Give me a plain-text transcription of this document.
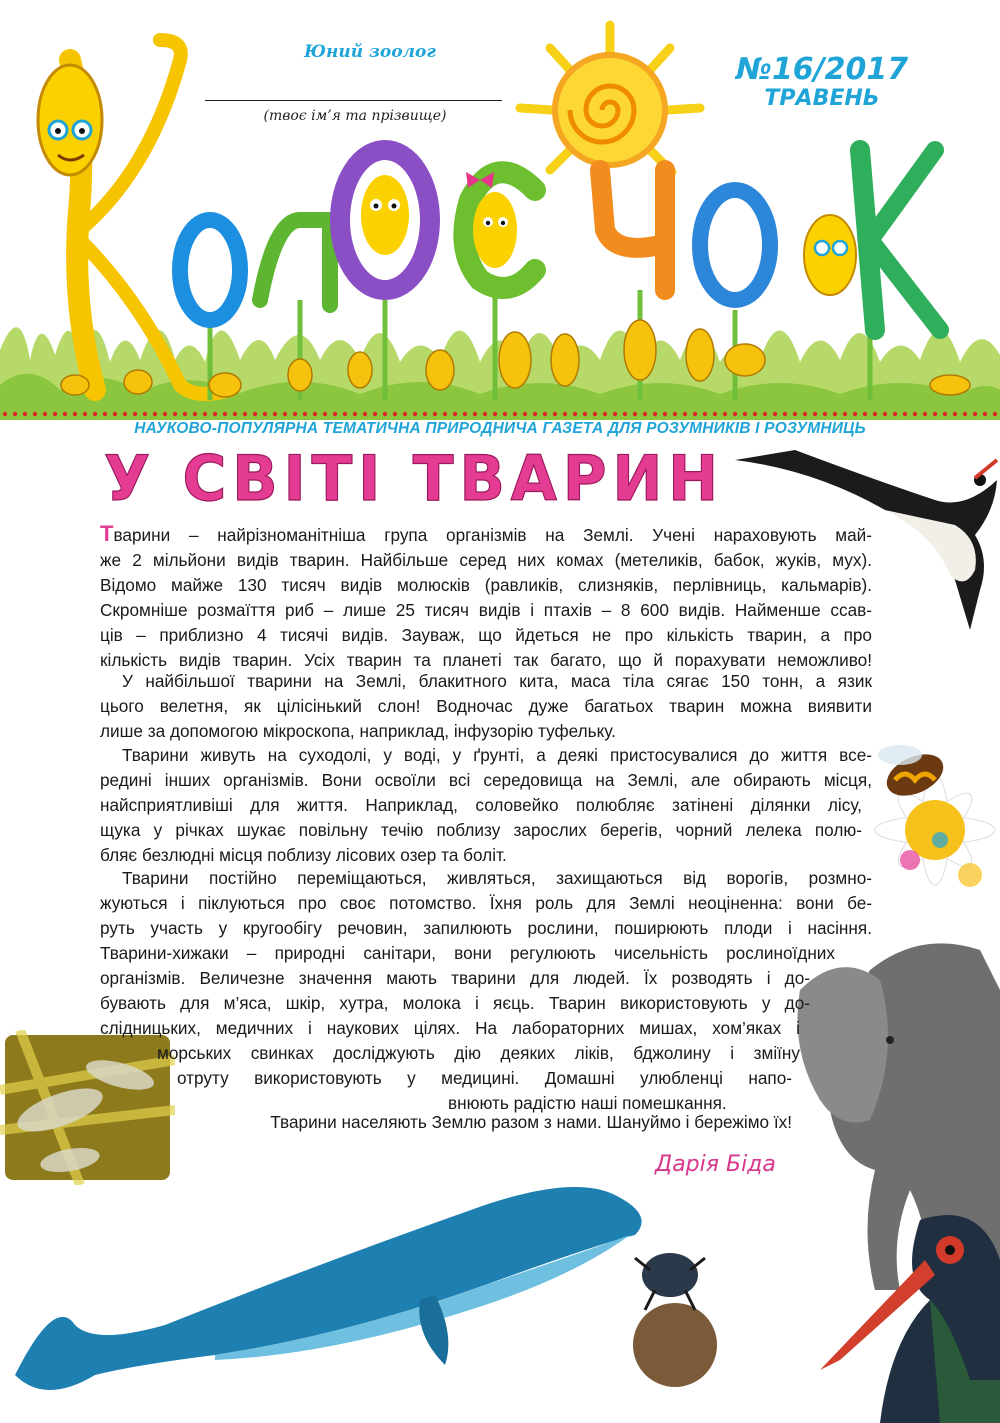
Юний зоолог
(твоє ім’я та прізвище)
№16/2017
ТРАВЕНЬ
НАУКОВО-ПОПУЛЯРНА ТЕМАТИЧНА ПРИРОДНИЧА ГАЗЕТА ДЛЯ РОЗУМНИКІВ І РОЗУМНИЦЬ
У СВІТІ ТВАРИН
Тварини – найрізноманітніша група організмів на Землі. Учені нараховують май-
же 2 мільйони видів тварин. Найбільше серед них комах (метеликів, бабок, жуків, мух).
Відомо майже 130 тисяч видів молюсків (равликів, слизняків, перлівниць, кальмарів).
Скромніше розмаїття риб – лише 25 тисяч видів і птахів – 8 600 видів. Найменше ссав-
ців – приблизно 4 тисячі видів. Зауваж, що йдеться не про кількість тварин, а про
кількість видів тварин. Усіх тварин та планеті так багато, що й порахувати неможливо!
У найбільшої тварини на Землі, блакитного кита, маса тіла сягає 150 тонн, а язик
цього велетня, як цілісінький слон! Водночас дуже багатьох тварин можна виявити
лише за допомогою мікроскопа, наприклад, інфузорію туфельку.
Тварини живуть на суходолі, у воді, у ґрунті, а деякі пристосувалися до життя все-
редині інших організмів. Вони освоїли всі середовища на Землі, але обирають місця,
найсприятливіші для життя. Наприклад, соловейко полюбляє затінені ділянки лісу,
щука у річках шукає повільну течію поблизу зарослих берегів, чорний лелека полю-
бляє безлюдні місця поблизу лісових озер та боліт.
Тварини постійно переміщаються, живляться, захищаються від ворогів, розмно-
жуються і піклуються про своє потомство. Їхня роль для Землі неоціненна: вони бе-
руть участь у кругообігу речовин, запилюють рослини, поширюють плоди і насіння.
Тварини-хижаки – природні санітари, вони регулюють чисельність рослиноїдних
організмів. Величезне значення мають тварини для людей. Їх розводять і до-
бувають для м’яса, шкір, хутра, молока і яєць. Тварин використовують у до-
слідницьких, медичних і наукових цілях. На лабораторних мишах, хом’яках і
морських свинках досліджують дію деяких ліків, бджолину і зміїну
отруту використовують у медицині. Домашні улюбленці напо-
внюють радістю наші помешкання.
Тварини населяють Землю разом з нами. Шануймо і бережімо їх!
Дарія Біда
